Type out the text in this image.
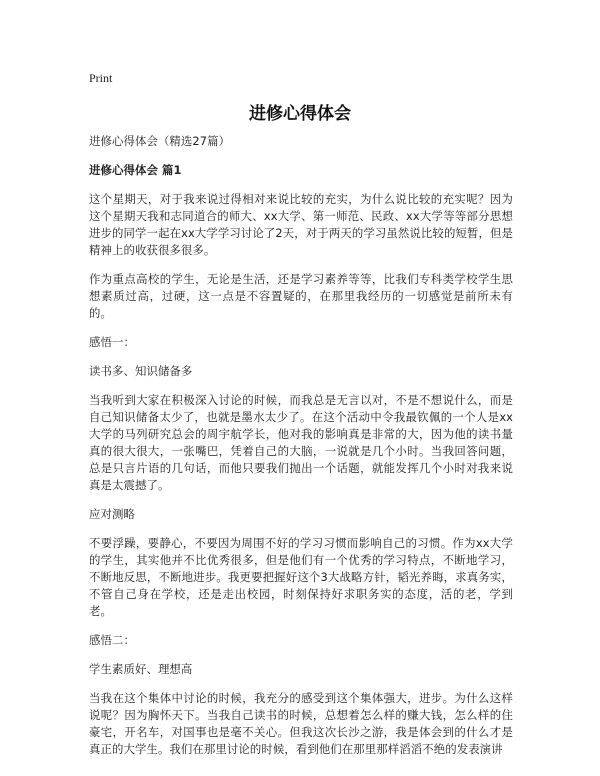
Print
进修心得体会

进修心得体会（精选27篇）

进修心得体会 篇1

这个星期天，对于我来说过得相对来说比较的充实，为什么说比较的充实呢？因为这个星期天我和志同道合的师大、xx大学、第一师范、民政、xx大学等等部分思想进步的同学一起在xx大学学习讨论了2天，对于两天的学习虽然说比较的短暂，但是精神上的收获很多很多。

作为重点高校的学生，无论是生活，还是学习素养等等，比我们专科类学校学生思想素质过高，过硬，这一点是不容置疑的，在那里我经历的一切感觉是前所未有的。

感悟一：

读书多、知识储备多

当我听到大家在积极深入讨论的时候，而我总是无言以对，不是不想说什么，而是自己知识储备太少了，也就是墨水太少了。在这个活动中令我最钦佩的一个人是xx大学的马列研究总会的周宇航学长，他对我的影响真是非常的大，因为他的读书量真的很大很大，一张嘴巴，凭着自己的大脑，一说就是几个小时。当我回答问题，总是只言片语的几句话，而他只要我们抛出一个话题，就能发挥几个小时对我来说真是太震撼了。

应对测略

不要浮躁，要静心，不要因为周围不好的学习习惯而影响自己的习惯。作为xx大学的学生，其实他并不比优秀很多，但是他们有一个优秀的学习特点，不断地学习，不断地反思，不断地进步。我更要把握好这个3大战略方针，韬光养晦，求真务实，不管自己身在学校，还是走出校园，时刻保持好求职务实的态度，活的老，学到老。

感悟二：

学生素质好、理想高

当我在这个集体中讨论的时候，我充分的感受到这个集体强大，进步。为什么这样说呢？因为胸怀天下。当我自己读书的时候，总想着怎么样的赚大钱，怎么样的住豪宅，开名车，对国事也是毫不关心。但我这次长沙之游，我是体会到的什么才是真正的大学生。我们在那里讨论的时候，看到他们在那里那样滔滔不绝的发表演讲
